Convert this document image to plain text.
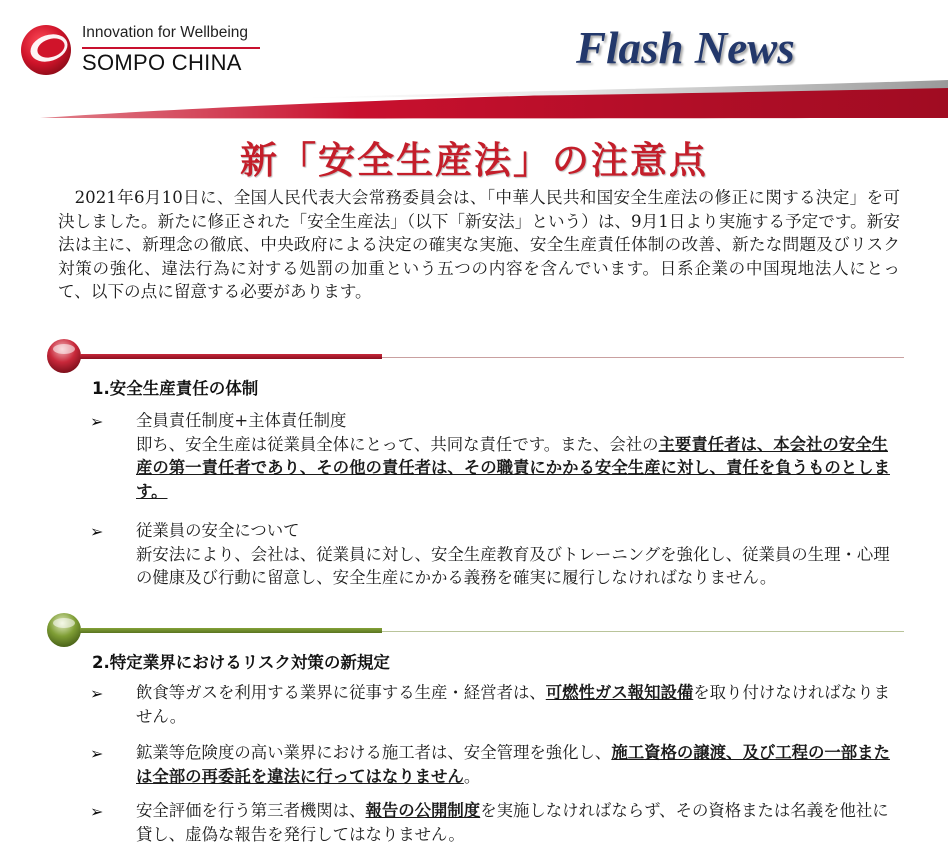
Innovation for Wellbeing
SOMPO CHINA	Flash News
新「安全生産法」の注意点

2021年6月10日に、全国人民代表大会常務委員会は、「中華人民共和国安全生産法の修正に関する決定」を可決しました。新たに修正された「安全生産法」（以下「新安法」という）は、9月1日より実施する予定です。新安法は主に、新理念の徹底、中央政府による決定の確実な実施、安全生産責任体制の改善、新たな問題及びリスク対策の強化、違法行為に対する処罰の加重という五つの内容を含んでいます。日系企業の中国現地法人にとって、以下の点に留意する必要があります。

1.安全生産責任の体制
➢ 全員責任制度+主体責任制度
即ち、安全生産は従業員全体にとって、共同な責任です。また、会社の主要責任者は、本会社の安全生産の第一責任者であり、その他の責任者は、その職責にかかる安全生産に対し、責任を負うものとします。
➢ 従業員の安全について
新安法により、会社は、従業員に対し、安全生産教育及びトレーニングを強化し、従業員の生理・心理の健康及び行動に留意し、安全生産にかかる義務を確実に履行しなければなりません。
2.特定業界におけるリスク対策の新規定
➢ 飲食等ガスを利用する業界に従事する生産・経営者は、可燃性ガス報知設備を取り付けなければなりません。
➢ 鉱業等危険度の高い業界における施工者は、安全管理を強化し、施工資格の譲渡、及び工程の一部または全部の再委託を違法に行ってはなりません。
➢ 安全評価を行う第三者機関は、報告の公開制度を実施しなければならず、その資格または名義を他社に貸し、虚偽な報告を発行してはなりません。
